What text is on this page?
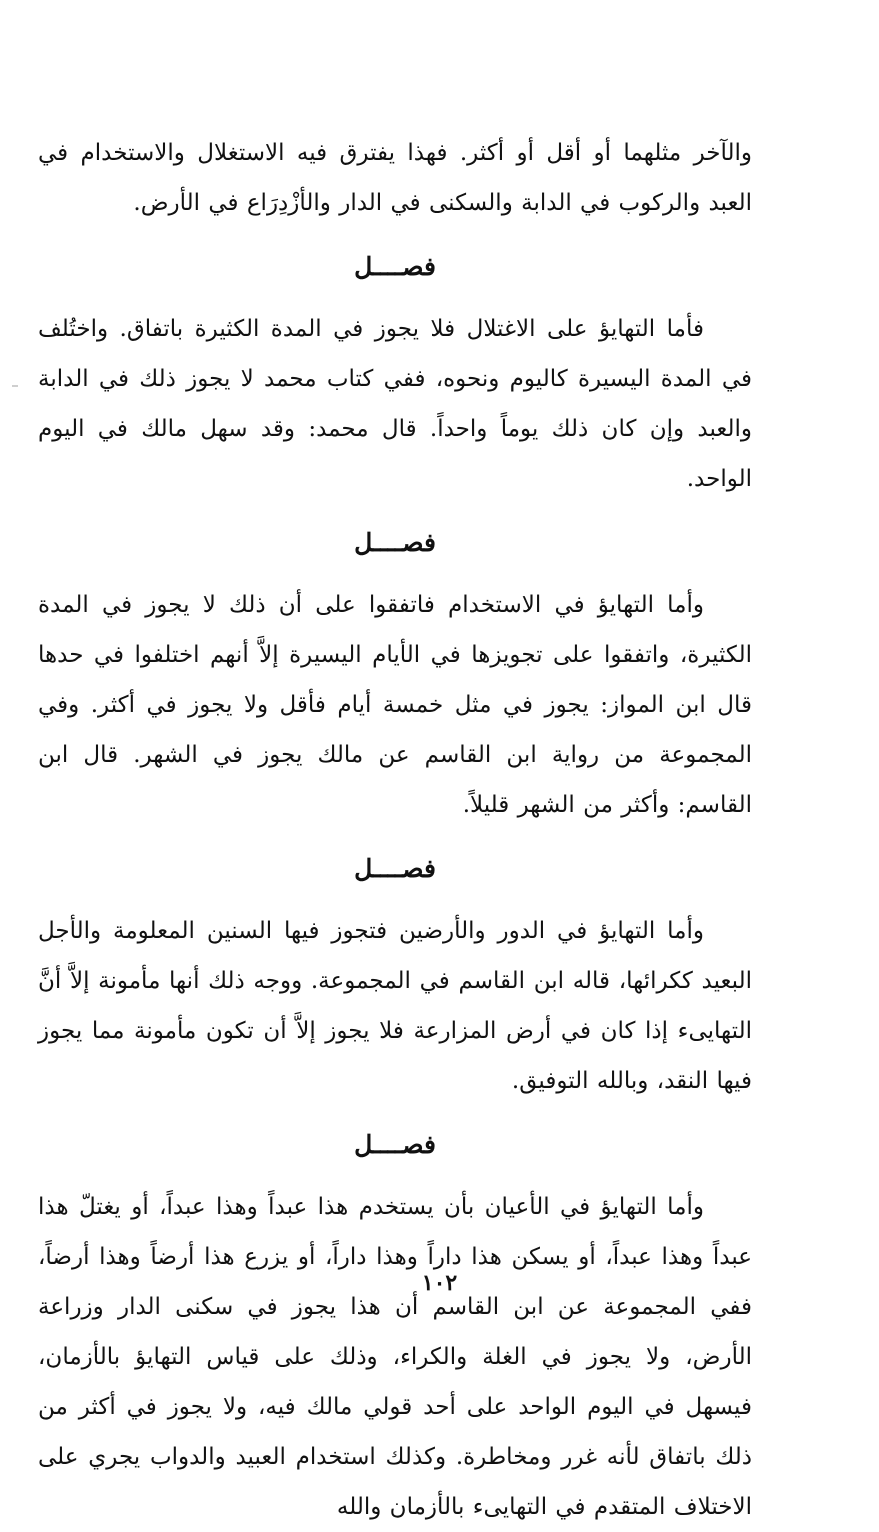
والآخر مثلهما أو أقل أو أكثر. فهذا يفترق فيه الاستغلال والاستخدام في العبد والركوب في الدابة والسكنى في الدار والأزْدِرَاع في الأرض.

فصــــل

فأما التهايؤ على الاغتلال فلا يجوز في المدة الكثيرة باتفاق. واختُلف في المدة اليسيرة كاليوم ونحوه، ففي كتاب محمد لا يجوز ذلك في الدابة والعبد وإن كان ذلك يوماً واحداً. قال محمد: وقد سهل مالك في اليوم الواحد.

فصــــل

وأما التهايؤ في الاستخدام فاتفقوا على أن ذلك لا يجوز في المدة الكثيرة، واتفقوا على تجويزها في الأيام اليسيرة إلاَّ أنهم اختلفوا في حدها قال ابن المواز: يجوز في مثل خمسة أيام فأقل ولا يجوز في أكثر. وفي المجموعة من رواية ابن القاسم عن مالك يجوز في الشهر. قال ابن القاسم: وأكثر من الشهر قليلاً.

فصــــل

وأما التهايؤ في الدور والأرضين فتجوز فيها السنين المعلومة والأجل البعيد ككرائها، قاله ابن القاسم في المجموعة. ووجه ذلك أنها مأمونة إلاَّ أنَّ التهايىء إذا كان في أرض المزارعة فلا يجوز إلاَّ أن تكون مأمونة مما يجوز فيها النقد، وبالله التوفيق.

فصــــل

وأما التهايؤ في الأعيان بأن يستخدم هذا عبداً وهذا عبداً، أو يغتلّ هذا عبداً وهذا عبداً، أو يسكن هذا داراً وهذا داراً، أو يزرع هذا أرضاً وهذا أرضاً، ففي المجموعة عن ابن القاسم أن هذا يجوز في سكنى الدار وزراعة الأرض، ولا يجوز في الغلة والكراء، وذلك على قياس التهايؤ بالأزمان، فيسهل في اليوم الواحد على أحد قولي مالك فيه، ولا يجوز في أكثر من ذلك باتفاق لأنه غرر ومخاطرة. وكذلك استخدام العبيد والدواب يجري على الاختلاف المتقدم في التهايىء بالأزمان والله

١٠٢
